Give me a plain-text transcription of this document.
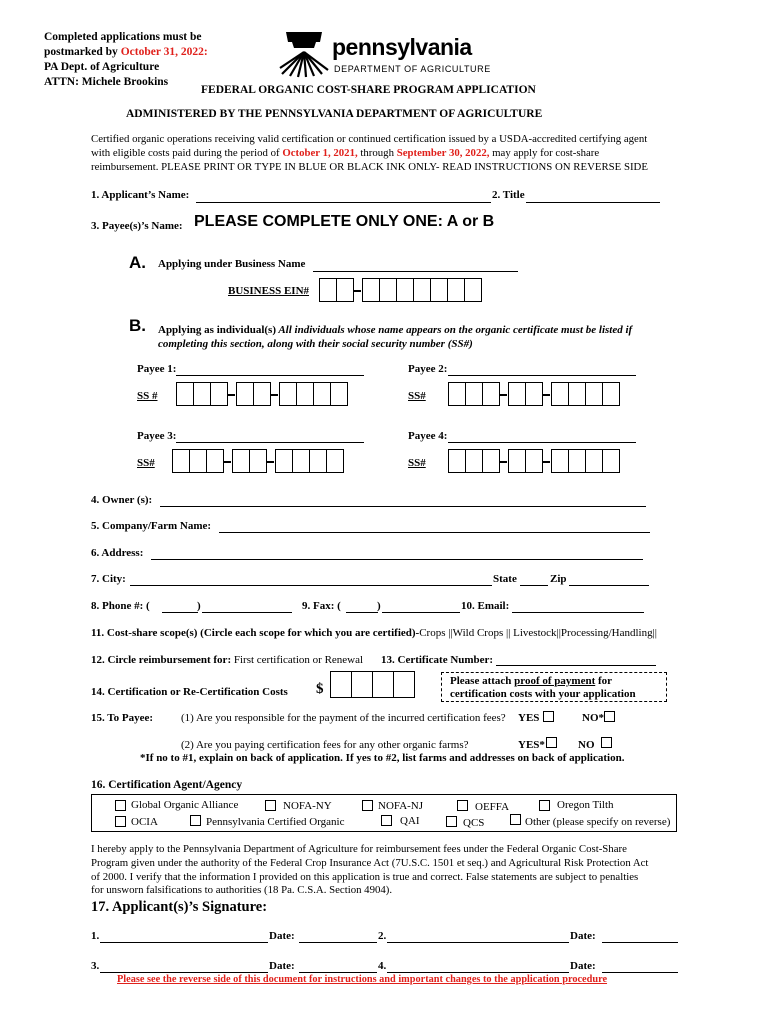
Completed applications must be
postmarked by October 31, 2022:
PA Dept. of Agriculture
ATTN: Michele Brookins
pennsylvania
DEPARTMENT OF AGRICULTURE
FEDERAL ORGANIC COST-SHARE PROGRAM APPLICATION
ADMINISTERED BY THE PENNSYLVANIA DEPARTMENT OF AGRICULTURE
Certified organic operations receiving valid certification or continued certification issued by a USDA-accredited certifying agent
with eligible costs paid during the period of October 1, 2021, through September 30, 2022, may apply for cost-share
reimbursement. PLEASE PRINT OR TYPE IN BLUE OR BLACK INK ONLY- READ INSTRUCTIONS ON REVERSE SIDE
1. Applicant’s Name:	2. Title
3. Payee(s)’s Name: PLEASE COMPLETE ONLY ONE: A or B
A. Applying under Business Name
BUSINESS EIN#
B. Applying as individual(s) All individuals whose name appears on the organic certificate must be listed if
completing this section, along with their social security number (SS#)
Payee 1:	Payee 2:
SS #	SS#
Payee 3:	Payee 4:
SS#	SS#
4. Owner (s):
5. Company/Farm Name:
6. Address:
7. City:	State	Zip
8. Phone #: (	)	9. Fax: (	)	10. Email:
11. Cost-share scope(s) (Circle each scope for which you are certified)-Crops ||Wild Crops || Livestock||Processing/Handling||
12. Circle reimbursement for: First certification or Renewal 13. Certificate Number:
14. Certification or Re-Certification Costs $	Please attach proof of payment for
certification costs with your application
15. To Payee:	(1) Are you responsible for the payment of the incurred certification fees? YES	NO*
(2) Are you paying certification fees for any other organic farms?	YES*	NO
*If no to #1, explain on back of application. If yes to #2, list farms and addresses on back of application.
16. Certification Agent/Agency
Global Organic Alliance	NOFA-NY	NOFA-NJ	OEFFA	Oregon Tilth
OCIA	Pennsylvania Certified Organic	QAI	QCS	Other (please specify on reverse)
I hereby apply to the Pennsylvania Department of Agriculture for reimbursement fees under the Federal Organic Cost-Share
Program given under the authority of the Federal Crop Insurance Act (7U.S.C. 1501 et seq.) and Agricultural Risk Protection Act
of 2000. I verify that the information I provided on this application is true and correct. False statements are subject to penalties
for unsworn falsifications to authorities (18 Pa. C.S.A. Section 4904).
17. Applicant(s)’s Signature:
1.	Date:	2.	Date:
3.	Date:	4.	Date:
Please see the reverse side of this document for instructions and important changes to the application procedure
